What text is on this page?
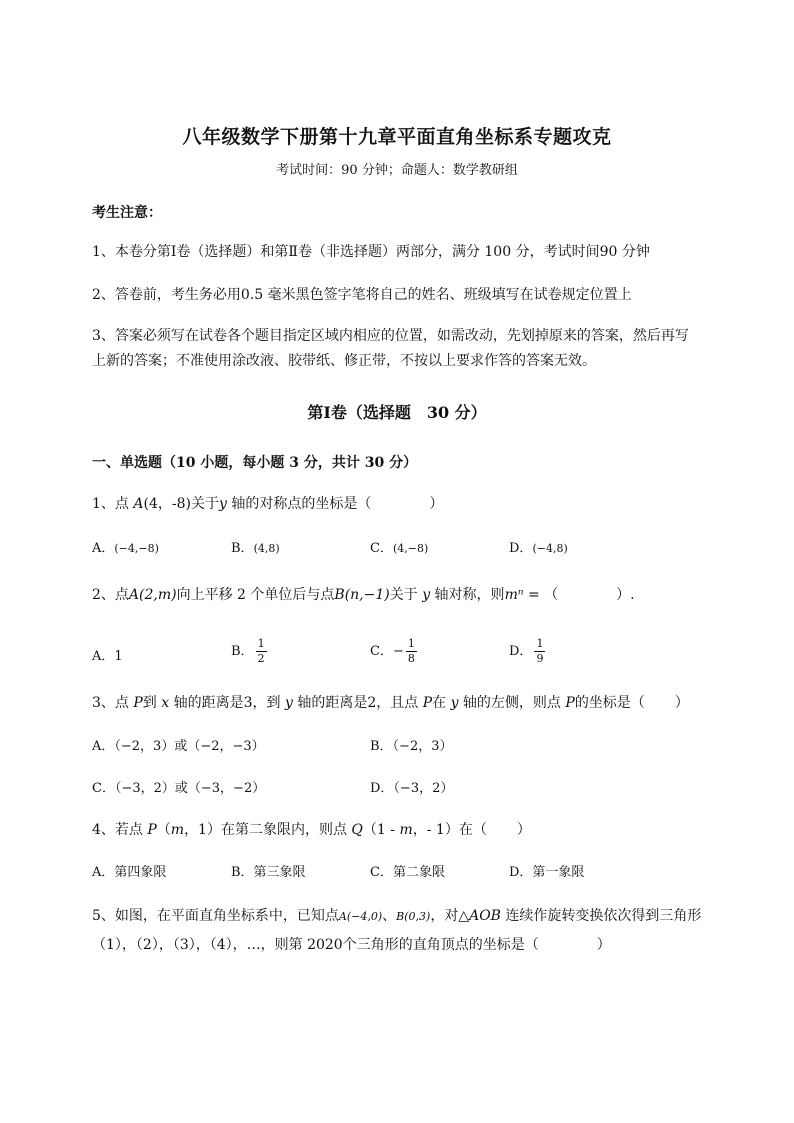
八年级数学下册第十九章平面直角坐标系专题攻克
考试时间：90 分钟；命题人：数学教研组
考生注意：
1、本卷分第Ⅰ卷（选择题）和第Ⅱ卷（非选择题）两部分，满分 100 分，考试时间90 分钟
2、答卷前，考生务必用0.5 毫米黑色签字笔将自己的姓名、班级填写在试卷规定位置上
3、答案必须写在试卷各个题目指定区域内相应的位置，如需改动，先划掉原来的答案，然后再写上新的答案；不准使用涂改液、胶带纸、修正带，不按以上要求作答的答案无效。
第Ⅰ卷（选择题　30 分）
一、单选题（10 小题，每小题 3 分，共计 30 分）
1、点 A(4，-8)关于y 轴的对称点的坐标是（	）
A．(−4,−8)	B．(4,8)	C．(4,−8)	D．(−4,8)
2、点A(2,m)向上平移 2 个单位后与点B(n,−1)关于 y 轴对称，则mⁿ = （	）.
A．1	B． $\frac{1}{2}$	C．− $\frac{1}{8}$	D． $\frac{1}{9}$
3、点 P到 x 轴的距离是3，到 y 轴的距离是2，且点 P在 y 轴的左侧，则点 P的坐标是（ ）
A．（−2，3）或（−2，−3）	B．（−2，3）
C．（−3，2）或（−3，−2）	D．（−3，2）
4、若点 P（m，1）在第二象限内，则点 Q（1 - m，- 1）在（ ）
A．第四象限	B．第三象限	C．第二象限	D．第一象限
5、如图，在平面直角坐标系中，已知点A(−4,0)、B(0,3)，对△AOB 连续作旋转变换依次得到三角形（1），（2），（3），（4），…，则第 2020个三角形的直角顶点的坐标是（	）
